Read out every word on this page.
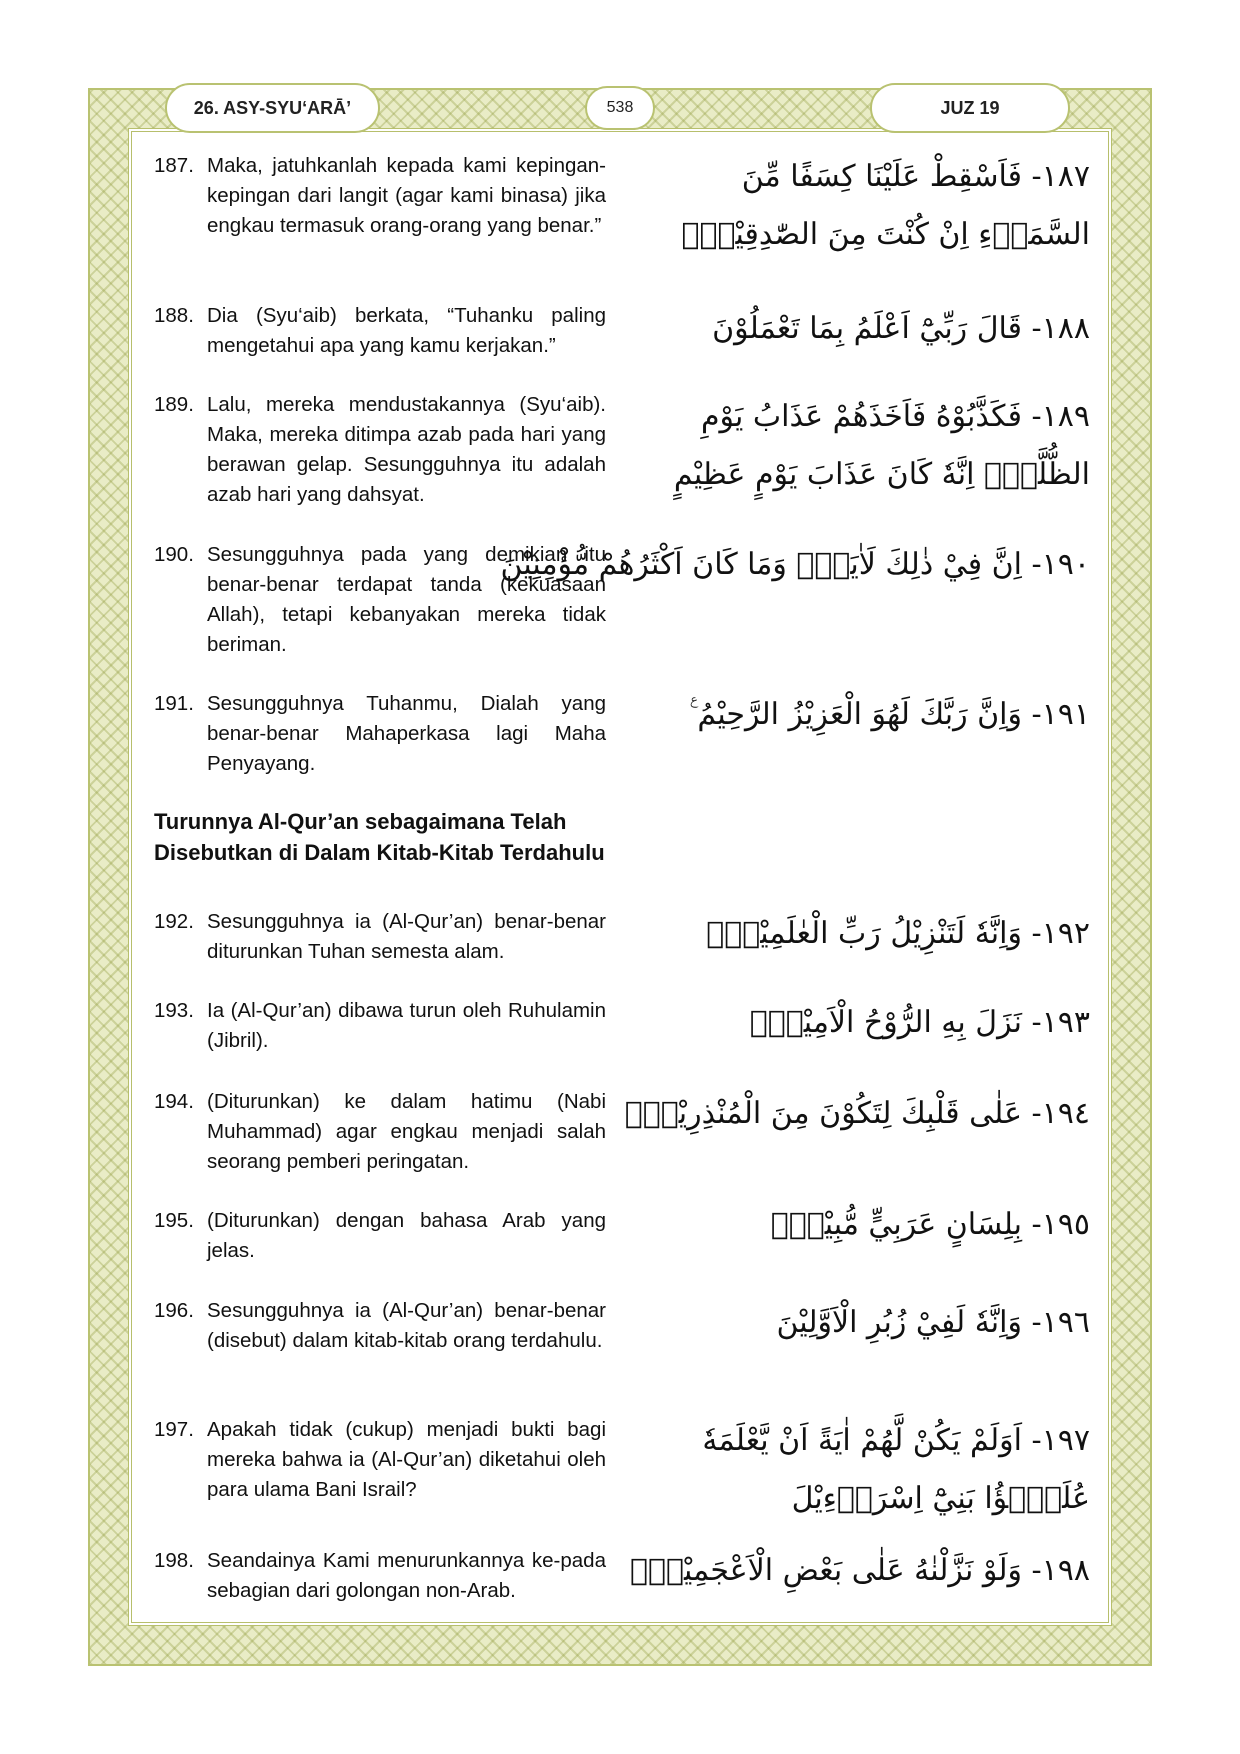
26. ASY-SYU‘ARĀ’	538	JUZ 19
187. Maka, jatuhkanlah kepada kami kepingan-kepingan dari langit (agar kami binasa) jika engkau termasuk orang-orang yang benar.”
١٨٧- فَاَسْقِطْ عَلَيْنَا كِسَفًا مِّنَ السَّمَاۤءِ اِنْ كُنْتَ مِنَ الصّٰدِقِيْنَۗ
188. Dia (Syu‘aib) berkata, “Tuhanku paling mengetahui apa yang kamu kerjakan.”	١٨٨- قَالَ رَبِّيْٓ اَعْلَمُ بِمَا تَعْمَلُوْنَ
189. Lalu, mereka mendustakannya (Syu‘aib). Maka, mereka ditimpa azab pada hari yang berawan gelap. Sesungguhnya itu adalah azab hari yang dahsyat.
١٨٩- فَكَذَّبُوْهُ فَاَخَذَهُمْ عَذَابُ يَوْمِ الظُّلَّةِۗ اِنَّهٗ كَانَ عَذَابَ يَوْمٍ عَظِيْمٍ
190. Sesungguhnya pada yang demikian itu benar-benar terdapat tanda (kekuasaan Allah), tetapi kebanyakan mereka tidak beriman.
١٩٠- اِنَّ فِيْ ذٰلِكَ لَاٰيَةًۗ وَمَا كَانَ اَكْثَرُهُمْ مُّؤْمِنِيْنَ
191. Sesungguhnya Tuhanmu, Dialah yang benar-benar Mahaperkasa lagi Maha Penyayang.
١٩١- وَاِنَّ رَبَّكَ لَهُوَ الْعَزِيْزُ الرَّحِيْمُ ࣖ
Turunnya Al-Qur’an sebagaimana Telah Disebutkan di Dalam Kitab-Kitab Terdahulu
192. Sesungguhnya ia (Al-Qur’an) benar-benar diturunkan Tuhan semesta alam.
١٩٢- وَاِنَّهٗ لَتَنْزِيْلُ رَبِّ الْعٰلَمِيْنَۗ
193. Ia (Al-Qur’an) dibawa turun oleh Ruhulamin (Jibril).
١٩٣- نَزَلَ بِهِ الرُّوْحُ الْاَمِيْنُۙ
194. (Diturunkan) ke dalam hatimu (Nabi Muhammad) agar engkau menjadi salah seorang pemberi peringatan.
١٩٤- عَلٰى قَلْبِكَ لِتَكُوْنَ مِنَ الْمُنْذِرِيْنَۙ
195. (Diturunkan) dengan bahasa Arab yang jelas.
١٩٥- بِلِسَانٍ عَرَبِيٍّ مُّبِيْنٍۗ
196. Sesungguhnya ia (Al-Qur’an) benar-benar (disebut) dalam kitab-kitab orang terdahulu.
١٩٦- وَاِنَّهٗ لَفِيْ زُبُرِ الْاَوَّلِيْنَ
197. Apakah tidak (cukup) menjadi bukti bagi mereka bahwa ia (Al-Qur’an) diketahui oleh para ulama Bani Israil?
١٩٧- اَوَلَمْ يَكُنْ لَّهُمْ اٰيَةً اَنْ يَّعْلَمَهٗ عُلَمٰۤؤُا بَنِيْٓ اِسْرَاۤءِيْلَ
198. Seandainya Kami menurunkannya ke-pada sebagian dari golongan non-Arab.
١٩٨- وَلَوْ نَزَّلْنٰهُ عَلٰى بَعْضِ الْاَعْجَمِيْنَۙ
